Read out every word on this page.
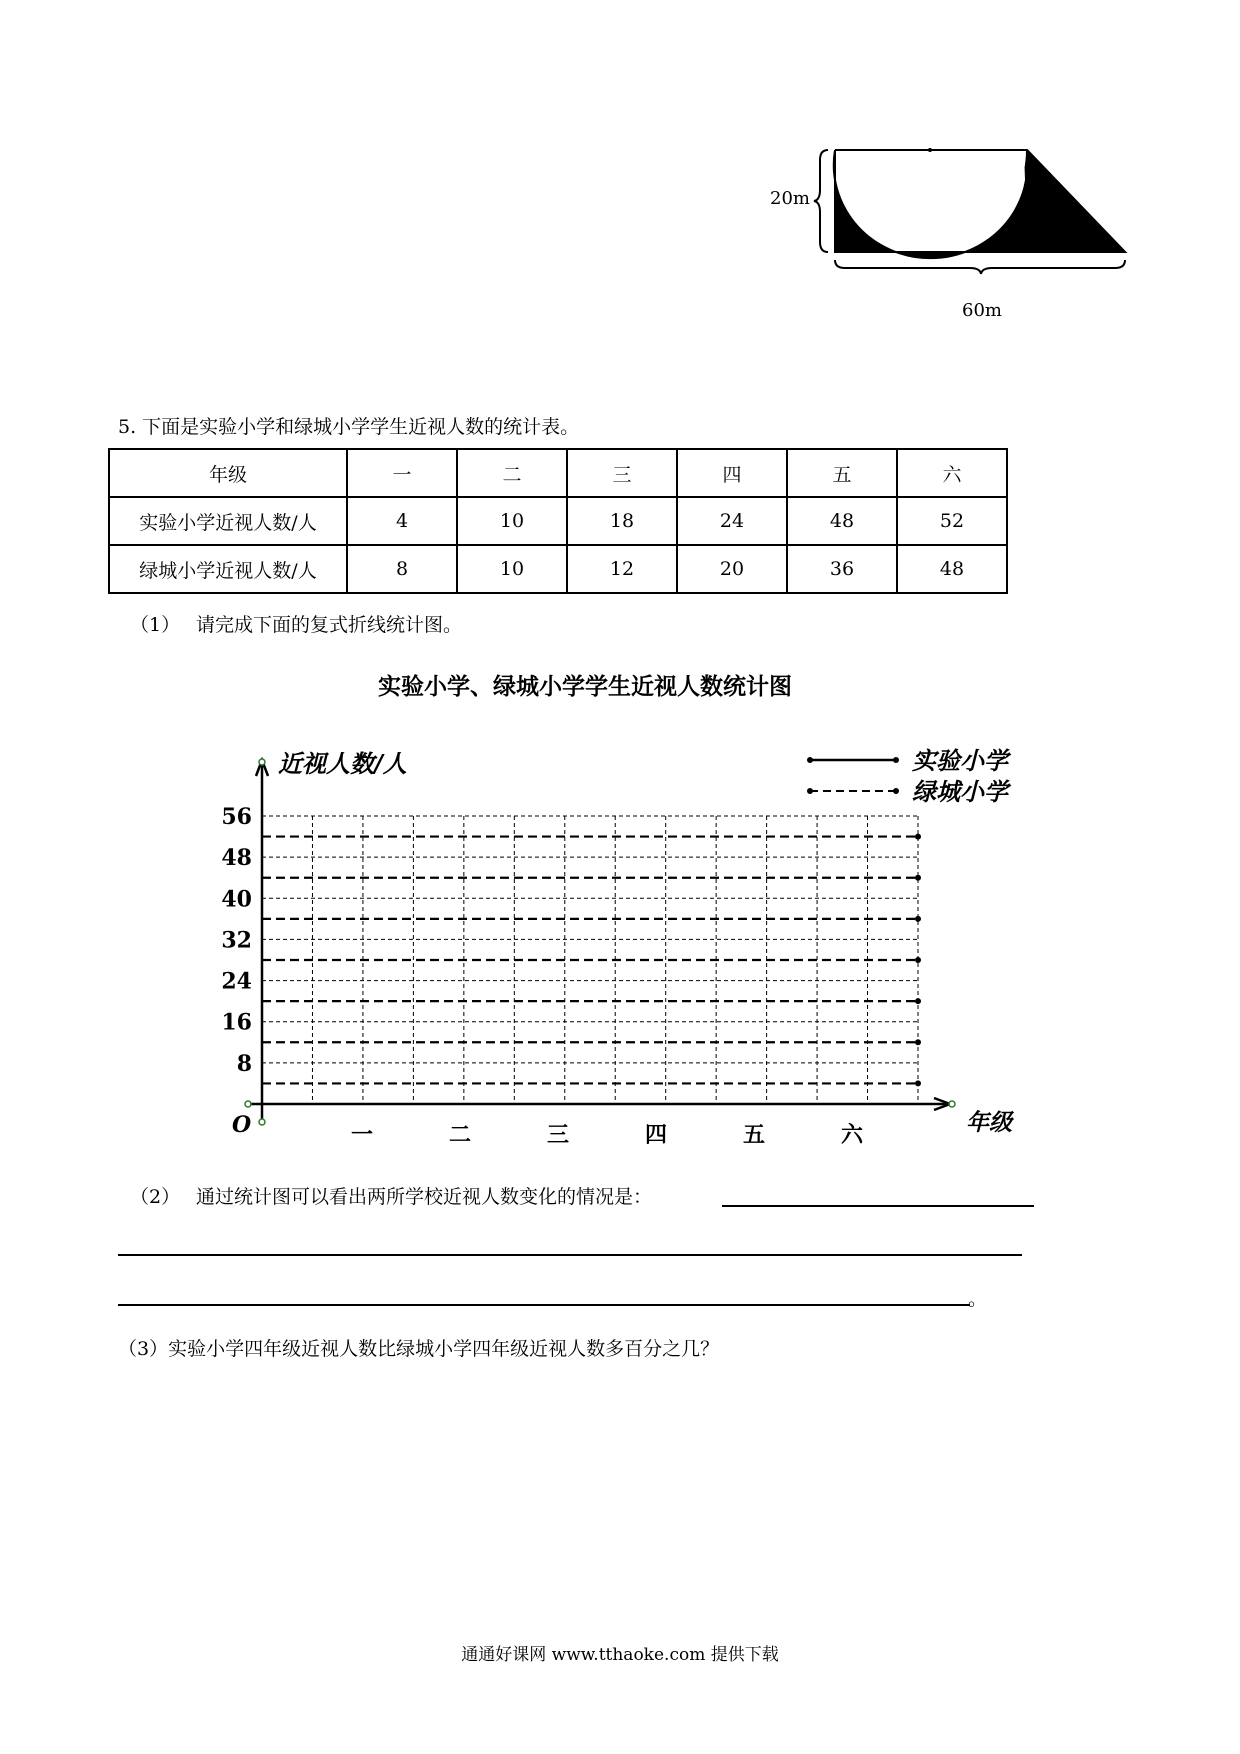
20m
60m
5. 下面是实验小学和绿城小学学生近视人数的统计表。
年级	一	二	三	四	五	六
实验小学近视人数/人	4	10	18	24	48	52
绿城小学近视人数/人	8	10	12	20	36	48
（1） 请完成下面的复式折线统计图。
实验小学、绿城小学学生近视人数统计图
近视人数/人
年级
O
8
16
24
32
40
48
56
一	二	三	四	五	六
实验小学
绿城小学
（2） 通过统计图可以看出两所学校近视人数变化的情况是：
。
（3）实验小学四年级近视人数比绿城小学四年级近视人数多百分之几？
通通好课网 www.tthaoke.com 提供下载
